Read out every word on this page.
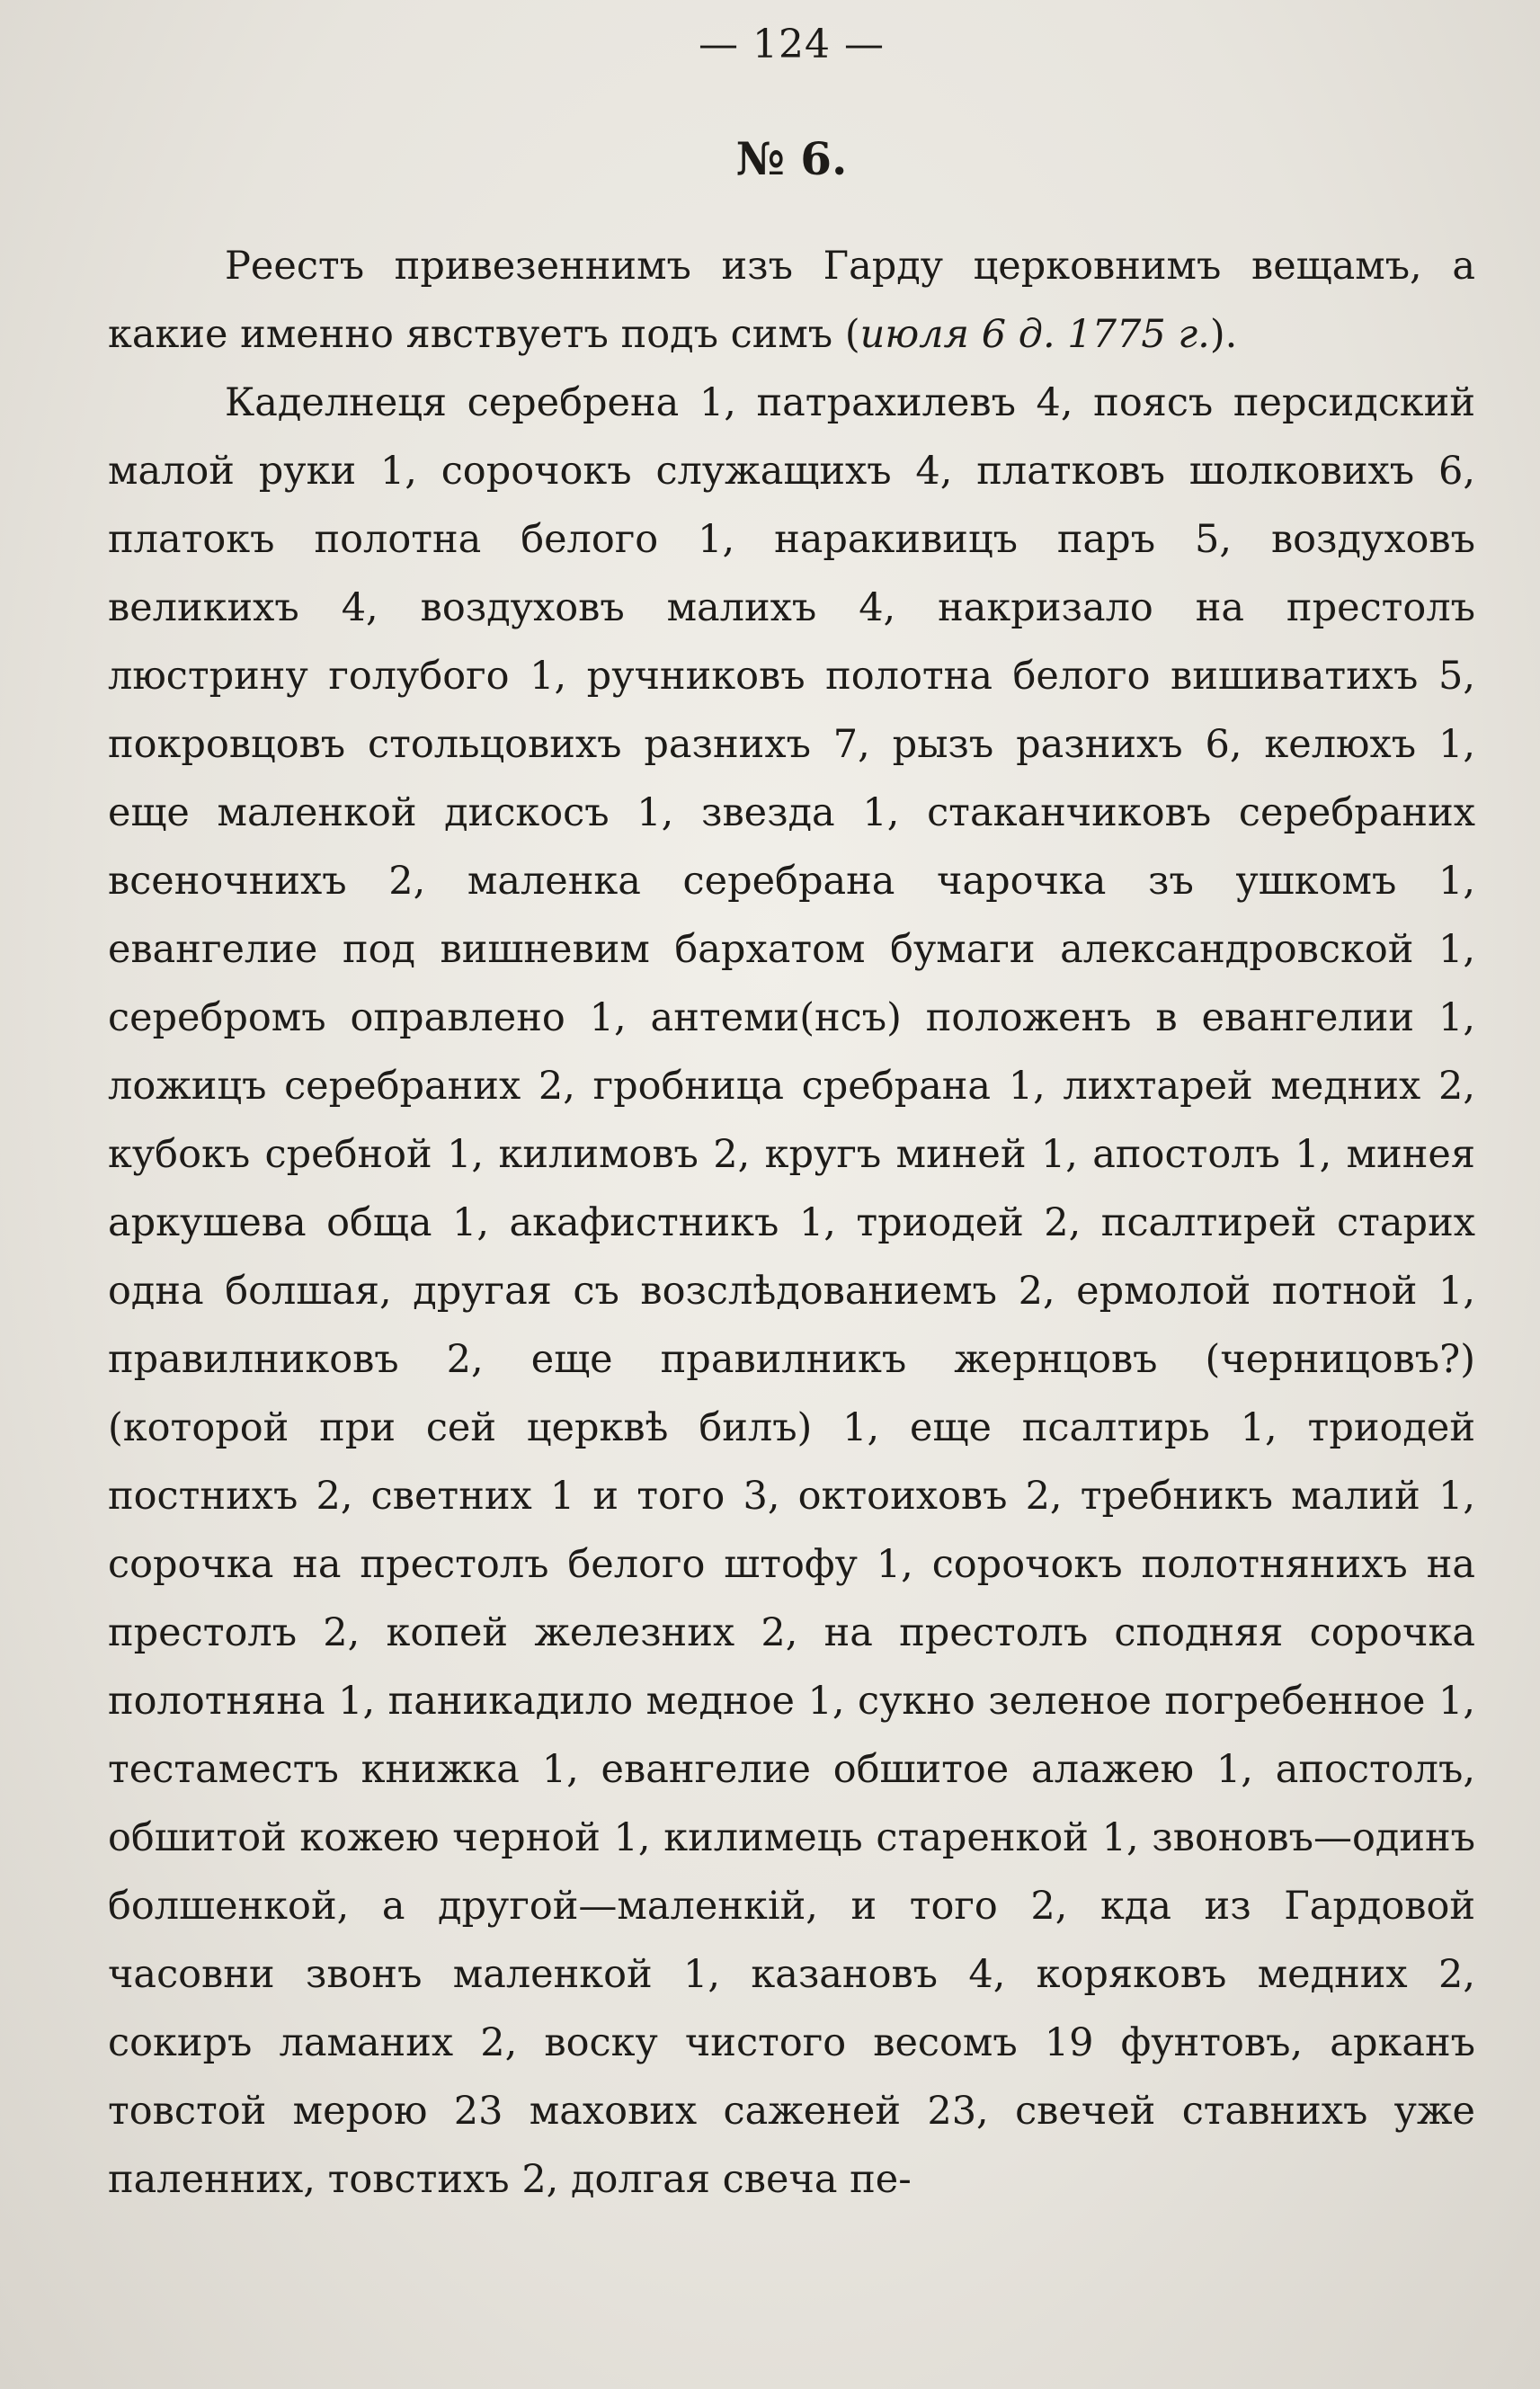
— 124 —
№ 6.

Реестъ привезеннимъ изъ Гарду церковнимъ вещамъ, а какие именно явствуетъ подъ симъ (июля 6 д. 1775 г.).

Каделнеця серебрена 1, патрахилевъ 4, поясъ персидский малой руки 1, сорочокъ служащихъ 4, платковъ шолковихъ 6, платокъ полотна белого 1, наракивицъ паръ 5, воздуховъ великихъ 4, воздуховъ малихъ 4, накризало на престолъ люстрину голубого 1, ручниковъ полотна белого вишиватихъ 5, покровцовъ стольцовихъ разнихъ 7, рызъ разнихъ 6, келюхъ 1, еще маленкой дискосъ 1, звезда 1, стаканчиковъ серебраних всеночнихъ 2, маленка серебрана чарочка зъ ушкомъ 1, евангелие под вишневим бархатом бумаги александровской 1, серебромъ оправлено 1, антеми(нсъ) положенъ в евангелии 1, ложицъ серебраних 2, гробница сребрана 1, лихтарей медних 2, кубокъ сребной 1, килимовъ 2, кругъ миней 1, апостолъ 1, минея аркушева обща 1, акафистникъ 1, триодей 2, псалтирей старих одна болшая, другая съ возслѣдованиемъ 2, ермолой потной 1, правилниковъ 2, еще правилникъ жернцовъ (черницовъ?) (которой при сей церквѣ билъ) 1, еще псалтирь 1, триодей постнихъ 2, светних 1 и того 3, октоиховъ 2, требникъ малий 1, сорочка на престолъ белого штофу 1, сорочокъ полотнянихъ на престолъ 2, копей железних 2, на престолъ сподняя сорочка полотняна 1, паникадило медное 1, сукно зеленое погребенное 1, тестаместъ книжка 1, евангелие обшитое алажею 1, апостолъ, обшитой кожею черной 1, килимець старенкой 1, звоновъ—одинъ болшенкой, а другой—маленкій, и того 2, кда из Гардовой часовни звонъ маленкой 1, казановъ 4, коряковъ медних 2, сокиръ ламаних 2, воску чистого весомъ 19 фунтовъ, арканъ товстой мерою 23 махових саженей 23, свечей ставнихъ уже паленних, товстихъ 2, долгая свеча пе-
